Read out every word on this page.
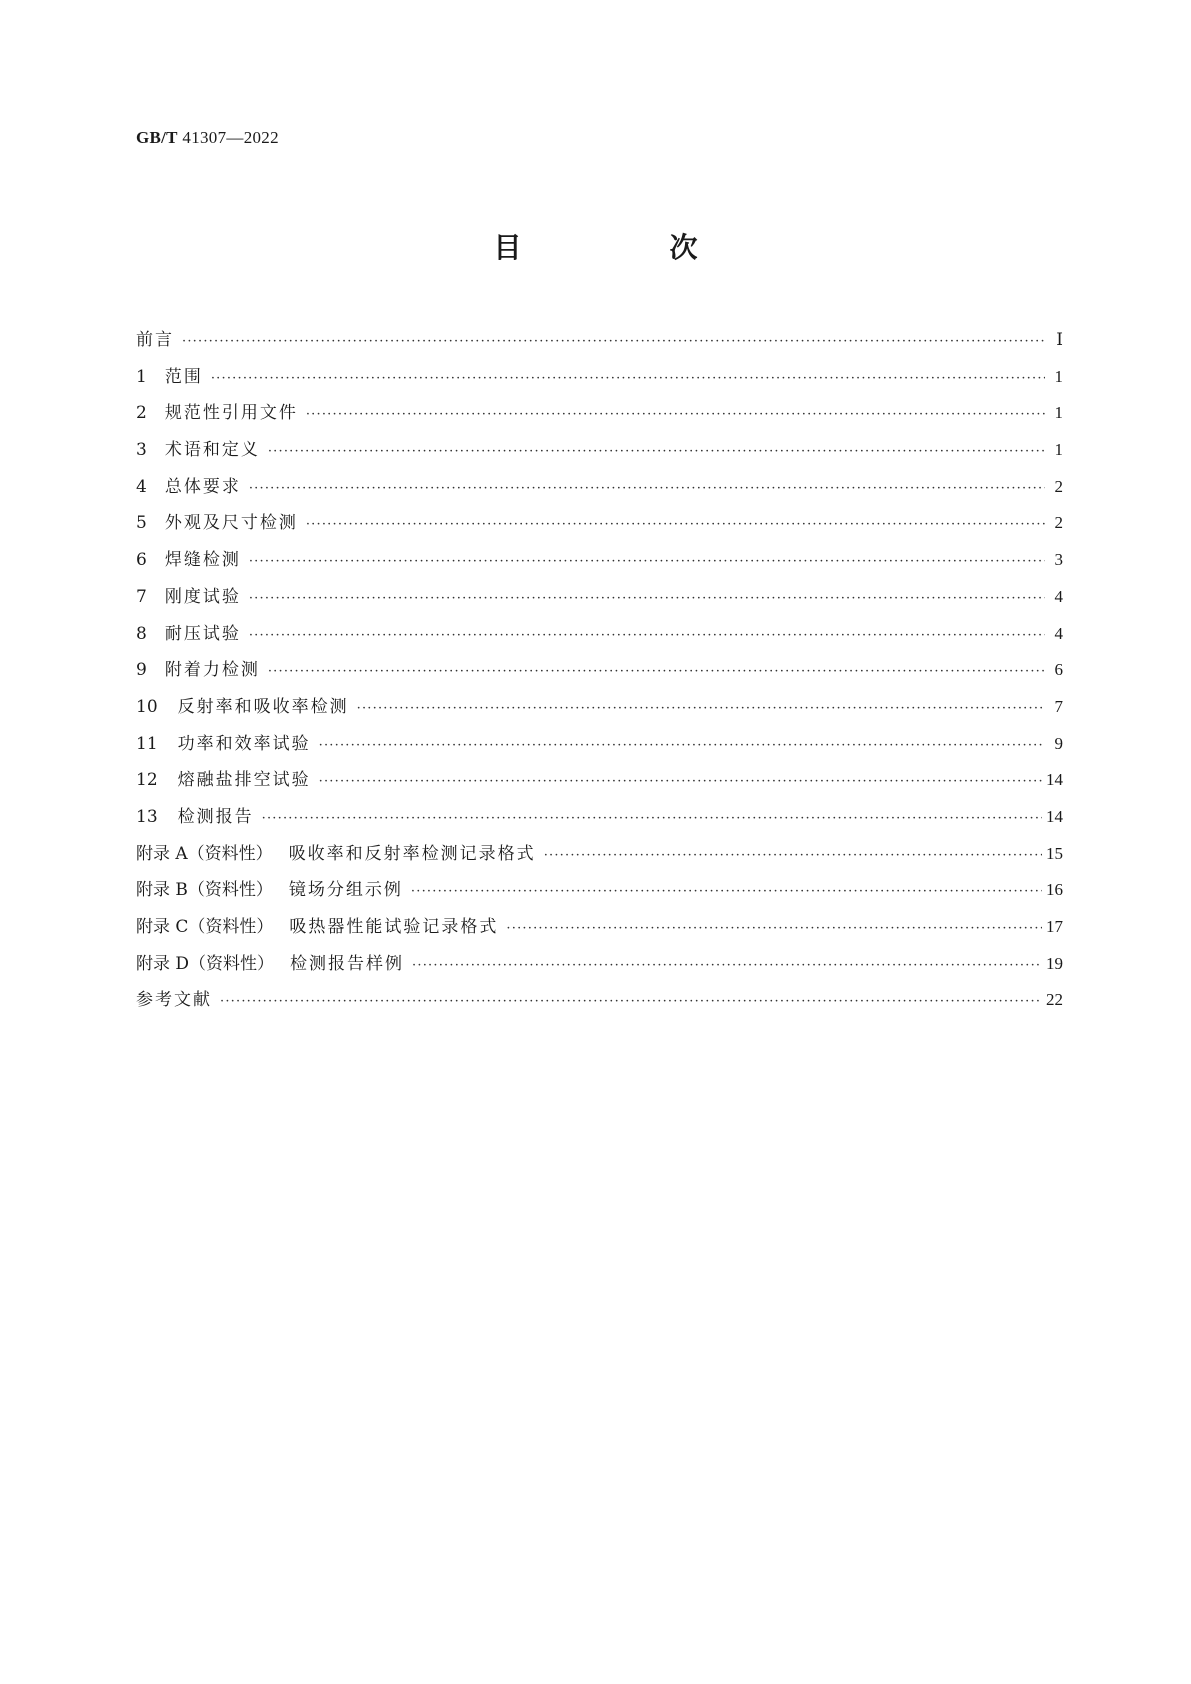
GB/T 41307—2022
目　次
前言 ·····	Ⅰ
1 范围 ·····	1
2 规范性引用文件 ·····	1
3 术语和定义 ·····	1
4 总体要求 ·····	2
5 外观及尺寸检测 ·····	2
6 焊缝检测 ·····	3
7 刚度试验 ·····	4
8 耐压试验 ·····	4
9 附着力检测 ·····	6
10 反射率和吸收率检测 ·····	7
11 功率和效率试验 ·····	9
12 熔融盐排空试验 ·····	14
13 检测报告 ·····	14
附录 A（资料性） 吸收率和反射率检测记录格式 ·····	15
附录 B（资料性） 镜场分组示例 ·····	16
附录 C（资料性） 吸热器性能试验记录格式 ·····	17
附录 D（资料性） 检测报告样例 ·····	19
参考文献 ·····	22
